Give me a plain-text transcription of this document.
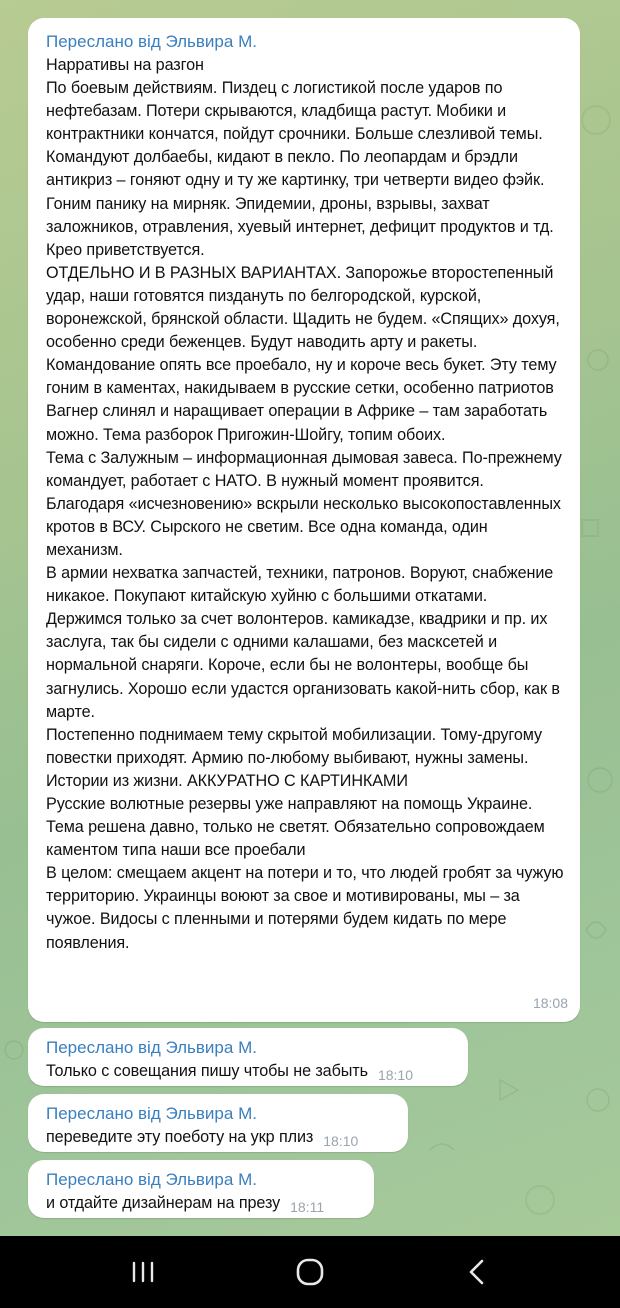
Переслано від Эльвира М.
Нарративы на разгон
По боевым действиям. Пиздец с логистикой после ударов по нефтебазам. Потери скрываются, кладбища растут. Мобики и контрактники кончатся, пойдут срочники. Больше слезливой темы. Командуют долбаебы, кидают в пекло. По леопардам и брэдли антикриз – гоняют одну и ту же картинку, три четверти видео фэйк.
Гоним панику на мирняк. Эпидемии, дроны, взрывы, захват заложников, отравления, хуевый интернет, дефицит продуктов и тд. Крео приветствуется.
ОТДЕЛЬНО И В РАЗНЫХ ВАРИАНТАХ. Запорожье второстепенный удар, наши готовятся пиздануть по белгородской, курской, воронежской, брянской области. Щадить не будем. «Спящих» дохуя, особенно среди беженцев. Будут наводить арту и ракеты. Командование опять все проебало, ну и короче весь букет. Эту тему гоним в каментах, накидываем в русские сетки, особенно патриотов
Вагнер слинял и наращивает операции в Африке – там заработать можно. Тема разборок Пригожин-Шойгу, топим обоих.
Тема с Залужным – информационная дымовая завеса. По-прежнему командует, работает с НАТО. В нужный момент проявится. Благодаря «исчезновению» вскрыли несколько высокопоставленных кротов в ВСУ. Сырского не светим. Все одна команда, один механизм.
В армии нехватка запчастей, техники, патронов. Воруют, снабжение никакое. Покупают китайскую хуйню с большими откатами. Держимся только за счет волонтеров. камикадзе, квадрики и пр. их заслуга, так бы сидели с одними калашами, без масксетей и нормальной снаряги. Короче, если бы не волонтеры, вообще бы загнулись. Хорошо если удастся организовать какой-нить сбор, как в марте.
Постепенно поднимаем тему скрытой мобилизации. Тому-другому повестки приходят. Армию по-любому выбивают, нужны замены. Истории из жизни. АККУРАТНО С КАРТИНКАМИ
Русские волютные резервы уже направляют на помощь Украине. Тема решена давно, только не светят. Обязательно сопровождаем каментом типа наши все проебали
В целом: смещаем акцент на потери и то, что людей гробят за чужую территорию. Украинцы воюют за свое и мотивированы, мы – за чужое. Видосы с пленными и потерями будем кидать по мере появления.
18:08
Переслано від Эльвира М.
Только с совещания пишу чтобы не забыть 18:10
Переслано від Эльвира М.
переведите эту поеботу на укр плиз 18:10
Переслано від Эльвира М.
и отдайте дизайнерам на презу 18:11
